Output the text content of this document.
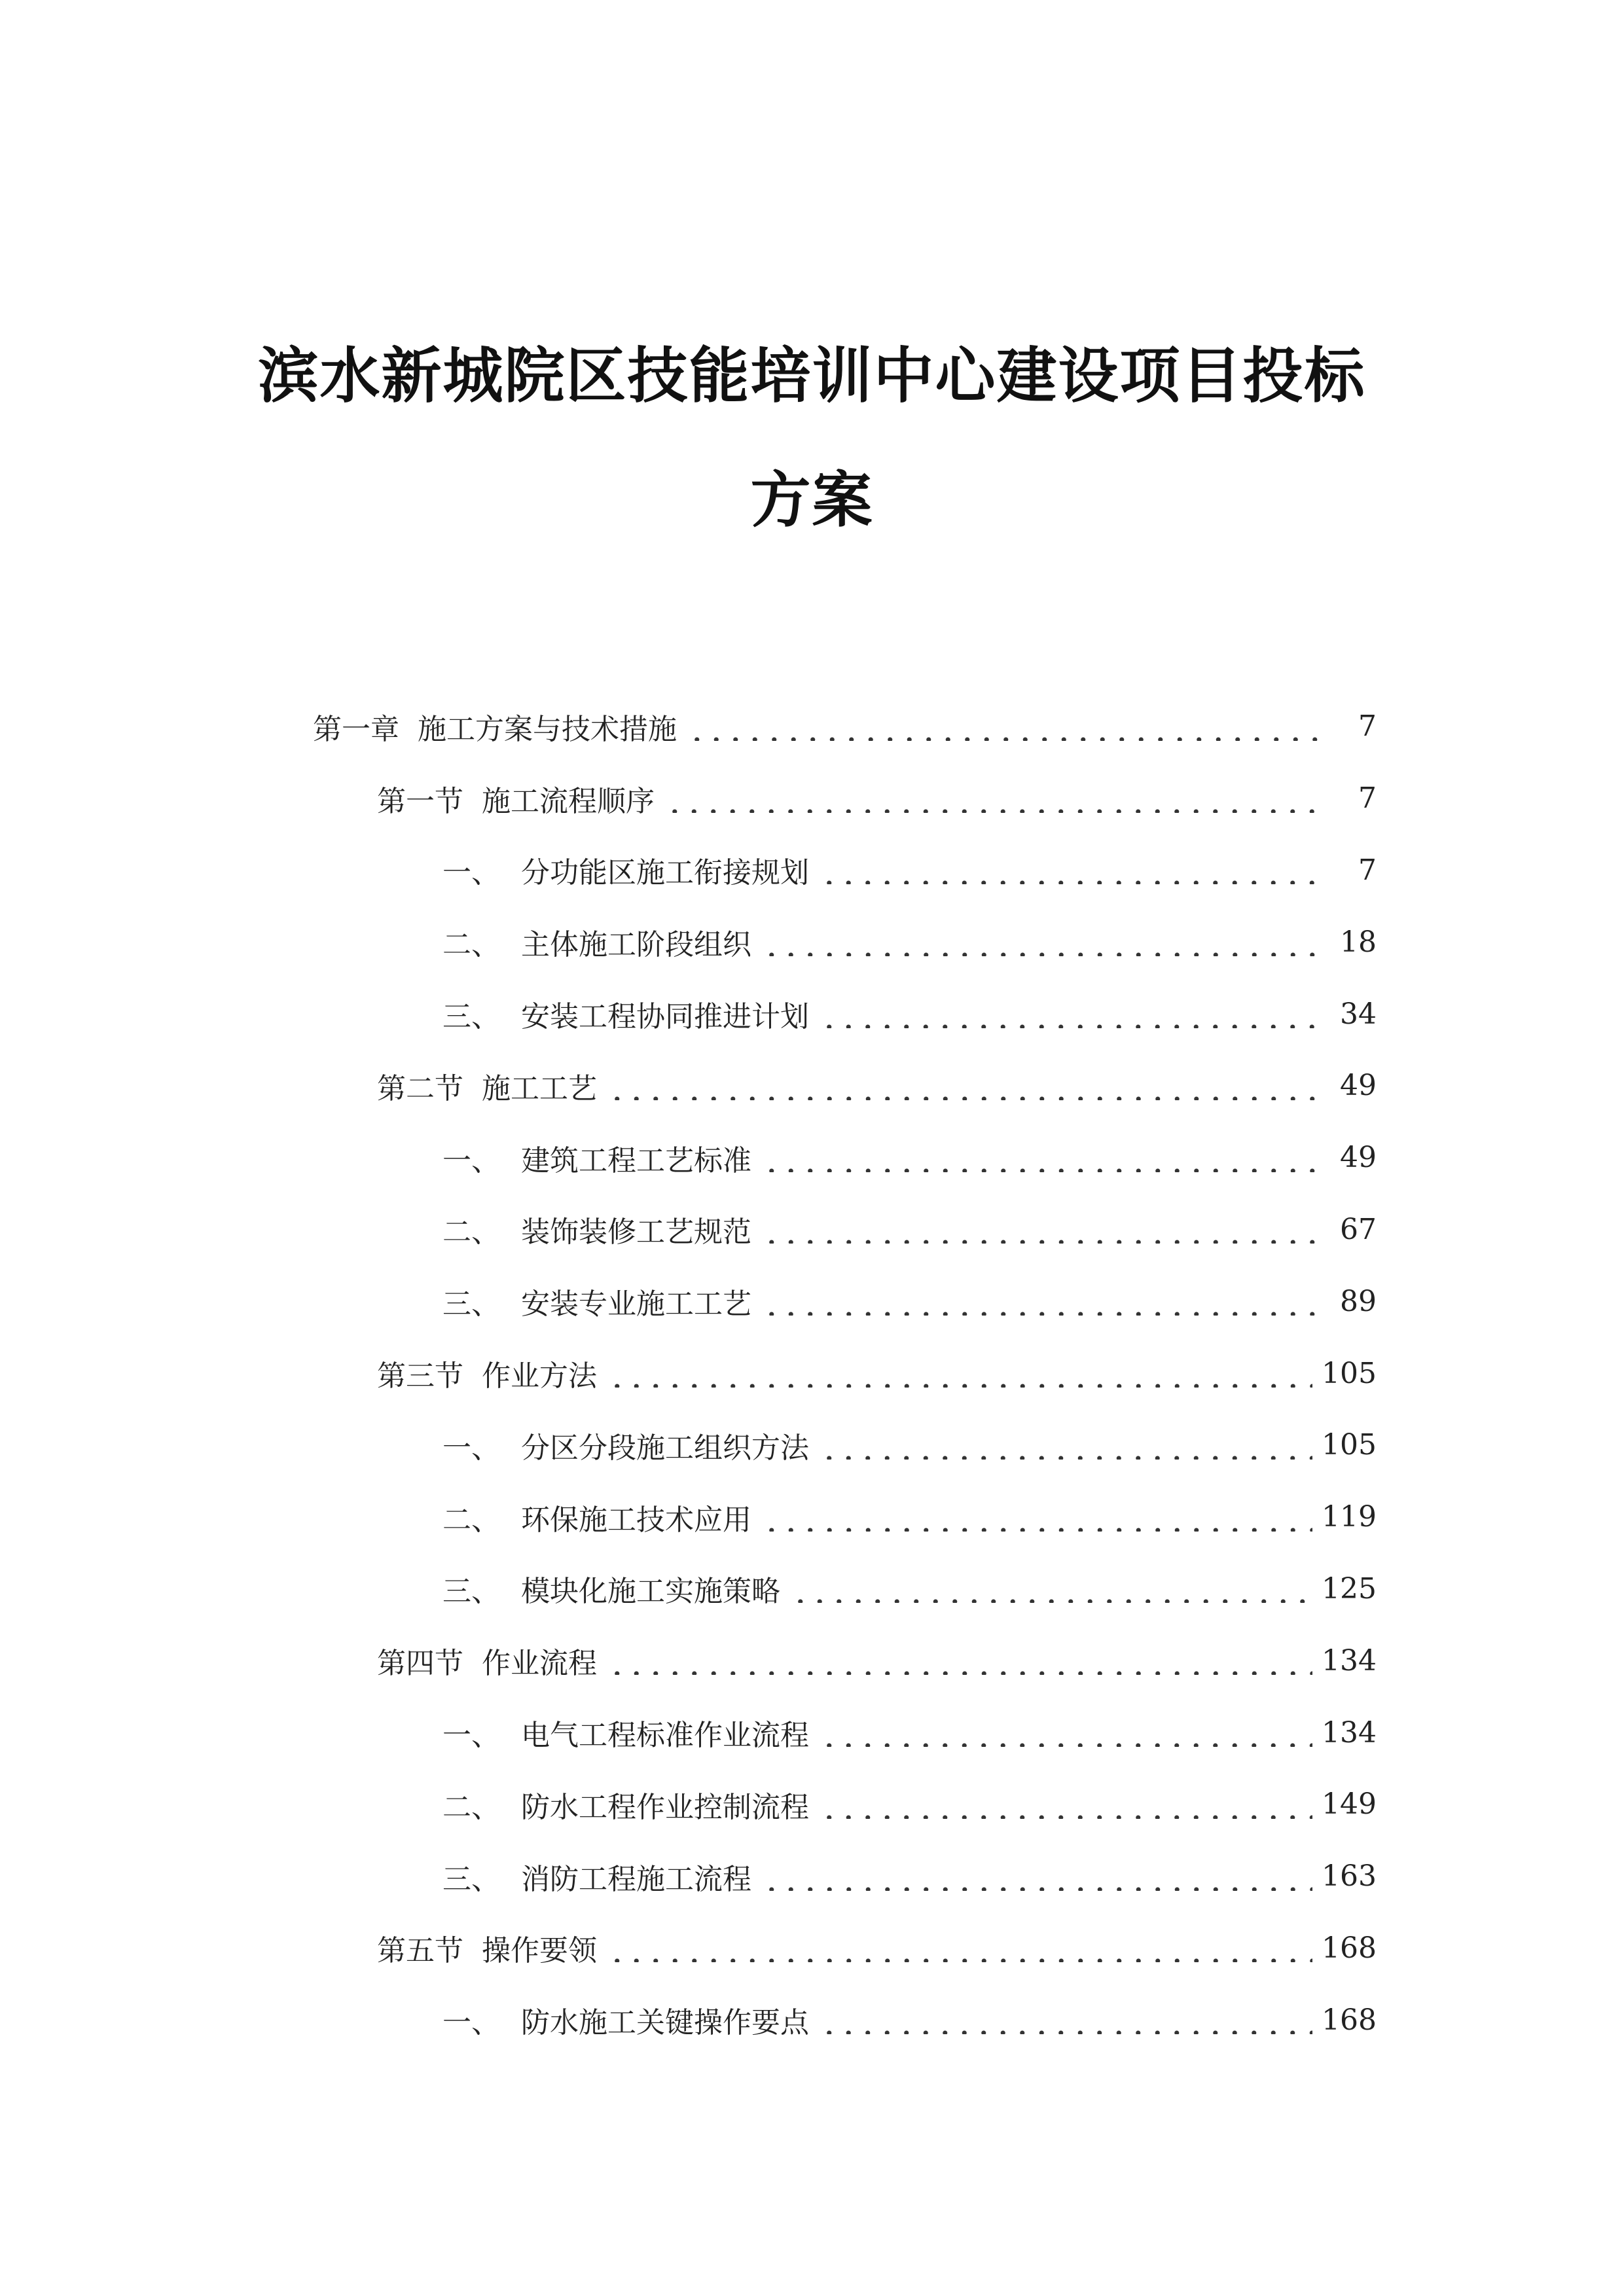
滨水新城院区技能培训中心建设项目投标
方案
第一章 施工方案与技术措施	7
第一节 施工流程顺序	7
一、 分功能区施工衔接规划	7
二、 主体施工阶段组织	18
三、 安装工程协同推进计划	34
第二节 施工工艺	49
一、 建筑工程工艺标准	49
二、 装饰装修工艺规范	67
三、 安装专业施工工艺	89
第三节 作业方法	105
一、 分区分段施工组织方法	105
二、 环保施工技术应用	119
三、 模块化施工实施策略	125
第四节 作业流程	134
一、 电气工程标准作业流程	134
二、 防水工程作业控制流程	149
三、 消防工程施工流程	163
第五节 操作要领	168
一、 防水施工关键操作要点	168
